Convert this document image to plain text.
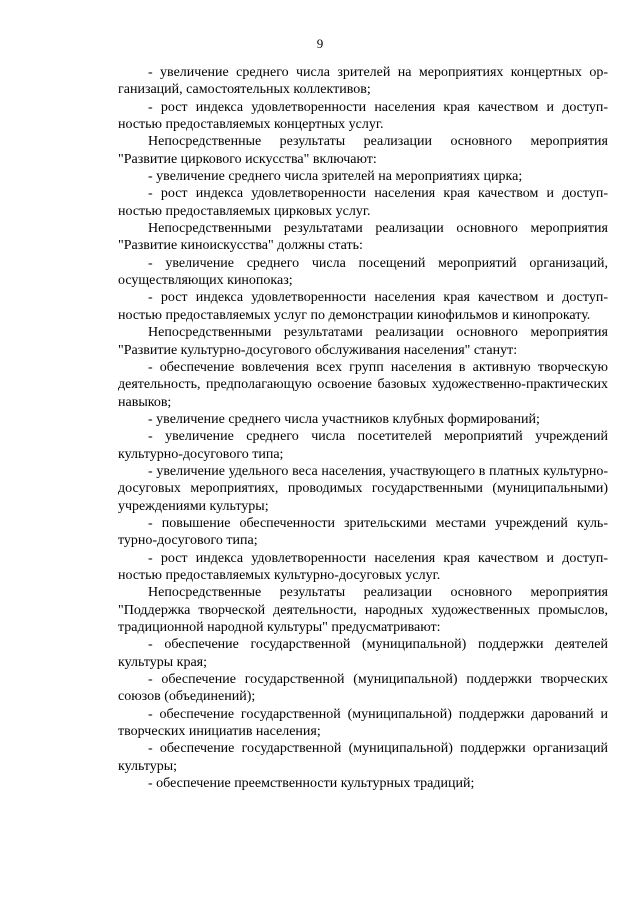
9

- увеличение среднего числа зрителей на мероприятиях концертных организаций, самостоятельных коллективов;

- рост индекса удовлетворенности населения края качеством и доступностью предоставляемых концертных услуг.

Непосредственные результаты реализации основного мероприятия "Развитие циркового искусства" включают:

- увеличение среднего числа зрителей на мероприятиях цирка;

- рост индекса удовлетворенности населения края качеством и доступностью предоставляемых цирковых услуг.

Непосредственными результатами реализации основного мероприятия "Развитие киноискусства" должны стать:

- увеличение среднего числа посещений мероприятий организаций, осуществляющих кинопоказ;

- рост индекса удовлетворенности населения края качеством и доступностью предоставляемых услуг по демонстрации кинофильмов и кинопрокату.

Непосредственными результатами реализации основного мероприятия "Развитие культурно-досугового обслуживания населения" станут:

- обеспечение вовлечения всех групп населения в активную творческую деятельность, предполагающую освоение базовых художественно-практических навыков;

- увеличение среднего числа участников клубных формирований;

- увеличение среднего числа посетителей мероприятий учреждений культурно-досугового типа;

- увеличение удельного веса населения, участвующего в платных культурно-досуговых мероприятиях, проводимых государственными (муниципальными) учреждениями культуры;

- повышение обеспеченности зрительскими местами учреждений культурно-досугового типа;

- рост индекса удовлетворенности населения края качеством и доступностью предоставляемых культурно-досуговых услуг.

Непосредственные результаты реализации основного мероприятия "Поддержка творческой деятельности, народных художественных промыслов, традиционной народной культуры" предусматривают:

- обеспечение государственной (муниципальной) поддержки деятелей культуры края;

- обеспечение государственной (муниципальной) поддержки творческих союзов (объединений);

- обеспечение государственной (муниципальной) поддержки дарований и творческих инициатив населения;

- обеспечение государственной (муниципальной) поддержки организаций культуры;

- обеспечение преемственности культурных традиций;
